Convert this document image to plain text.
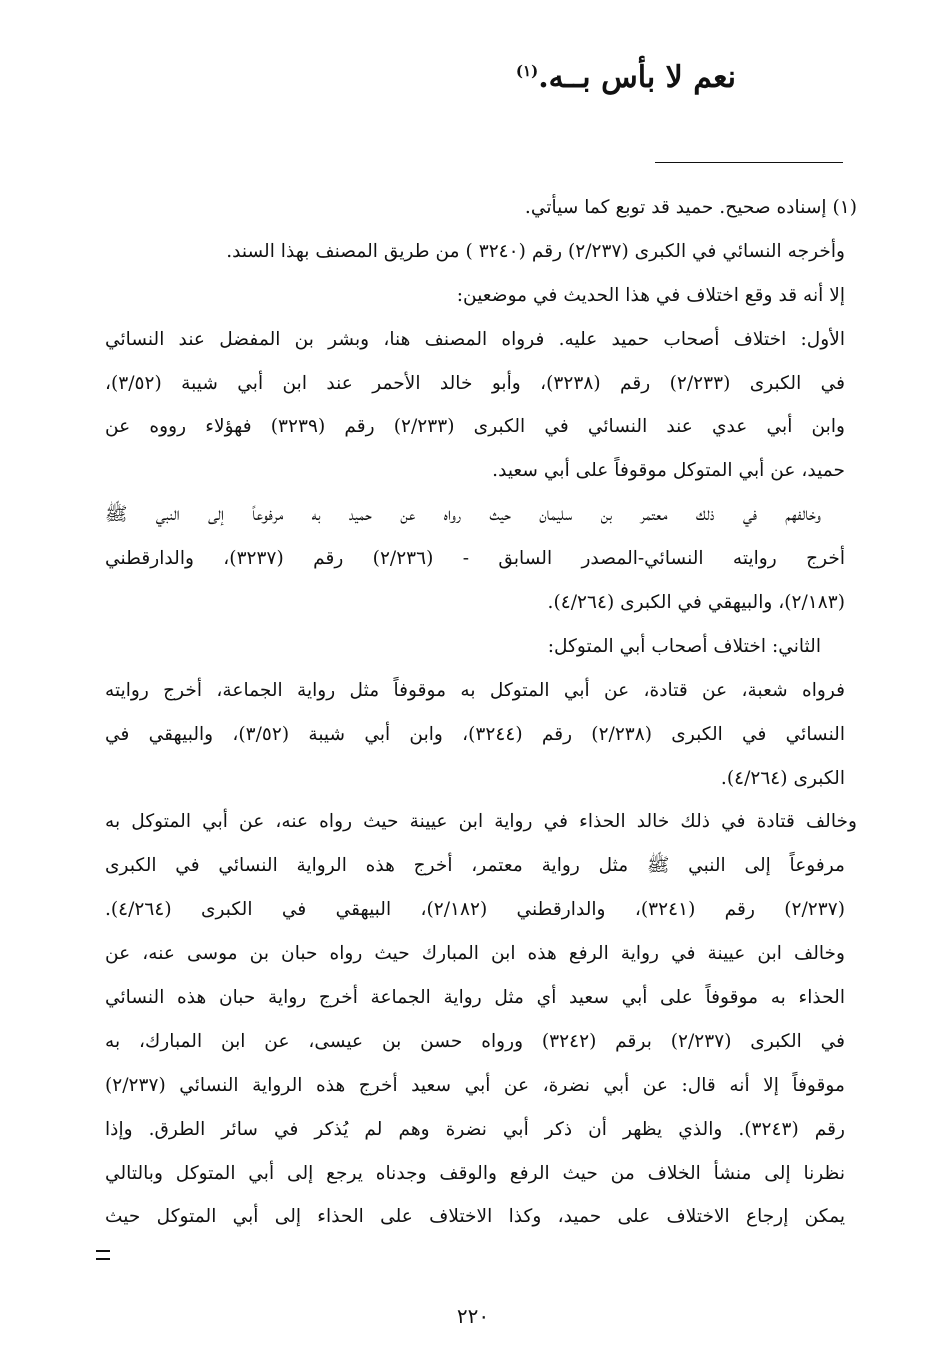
نعم لا بأس بــه.$^{(١)}$
(١) إسناده صحيح. حميد قد توبع كما سيأتي.
وأخرجه النسائي في الكبرى (٢/٢٣٧) رقم (٣٢٤٠ ) من طريق المصنف بهذا السند.
إلا أنه قد وقع اختلاف في هذا الحديث في موضعين:
الأول: اختلاف أصحاب حميد عليه. فرواه المصنف هنا، وبشر بن المفضل عند النسائي
في الكبرى (٢/٢٣٣) رقم (٣٢٣٨)، وأبو خالد الأحمر عند ابن أبي شيبة (٣/٥٢)،
وابن أبي عدي عند النسائي في الكبرى (٢/٢٣٣) رقم (٣٢٣٩) فهؤلاء رووه عن
حميد، عن أبي المتوكل موقوفاً على أبي سعيد.
وخالفهم في ذلك معتمر بن سليمان حيث رواه عن حميد به مرفوعاً إلى النبي ﷺ
أخرج روايته النسائي-المصدر السابق - (٢/٢٣٦) رقم (٣٢٣٧)، والدارقطني
(٢/١٨٣)، والبيهقي في الكبرى (٤/٢٦٤).
الثاني: اختلاف أصحاب أبي المتوكل:
فرواه شعبة، عن قتادة، عن أبي المتوكل به موقوفاً مثل رواية الجماعة، أخرج روايته
النسائي في الكبرى (٢/٢٣٨) رقم (٣٢٤٤)، وابن أبي شيبة (٣/٥٢)، والبيهقي في
الكبرى (٤/٢٦٤).
وخالف قتادة في ذلك خالد الحذاء في رواية ابن عيينة حيث رواه عنه، عن أبي المتوكل به
مرفوعاً إلى النبي ﷺ مثل رواية معتمر، أخرج هذه الرواية النسائي في الكبرى
(٢/٢٣٧) رقم (٣٢٤١)، والدارقطني (٢/١٨٢)، البيهقي في الكبرى (٤/٢٦٤).
وخالف ابن عيينة في رواية الرفع هذه ابن المبارك حيث رواه حبان بن موسى عنه، عن
الحذاء به موقوفاً على أبي سعيد أي مثل رواية الجماعة أخرج رواية حبان هذه النسائي
في الكبرى (٢/٢٣٧) برقم (٣٢٤٢) ورواه حسن بن عيسى، عن ابن المبارك، به
موقوفاً إلا أنه قال: عن أبي نضرة، عن أبي سعيد أخرج هذه الرواية النسائي (٢/٢٣٧)
رقم (٣٢٤٣). والذي يظهر أن ذكر أبي نضرة وهم لم يُذكر في سائر الطرق. وإذا
نظرنا إلى منشأ الخلاف من حيث الرفع والوقف وجدناه يرجع إلى أبي المتوكل وبالتالي
يمكن إرجاع الاختلاف على حميد، وكذا الاختلاف على الحذاء إلى أبي المتوكل حيث
٢٢٠
